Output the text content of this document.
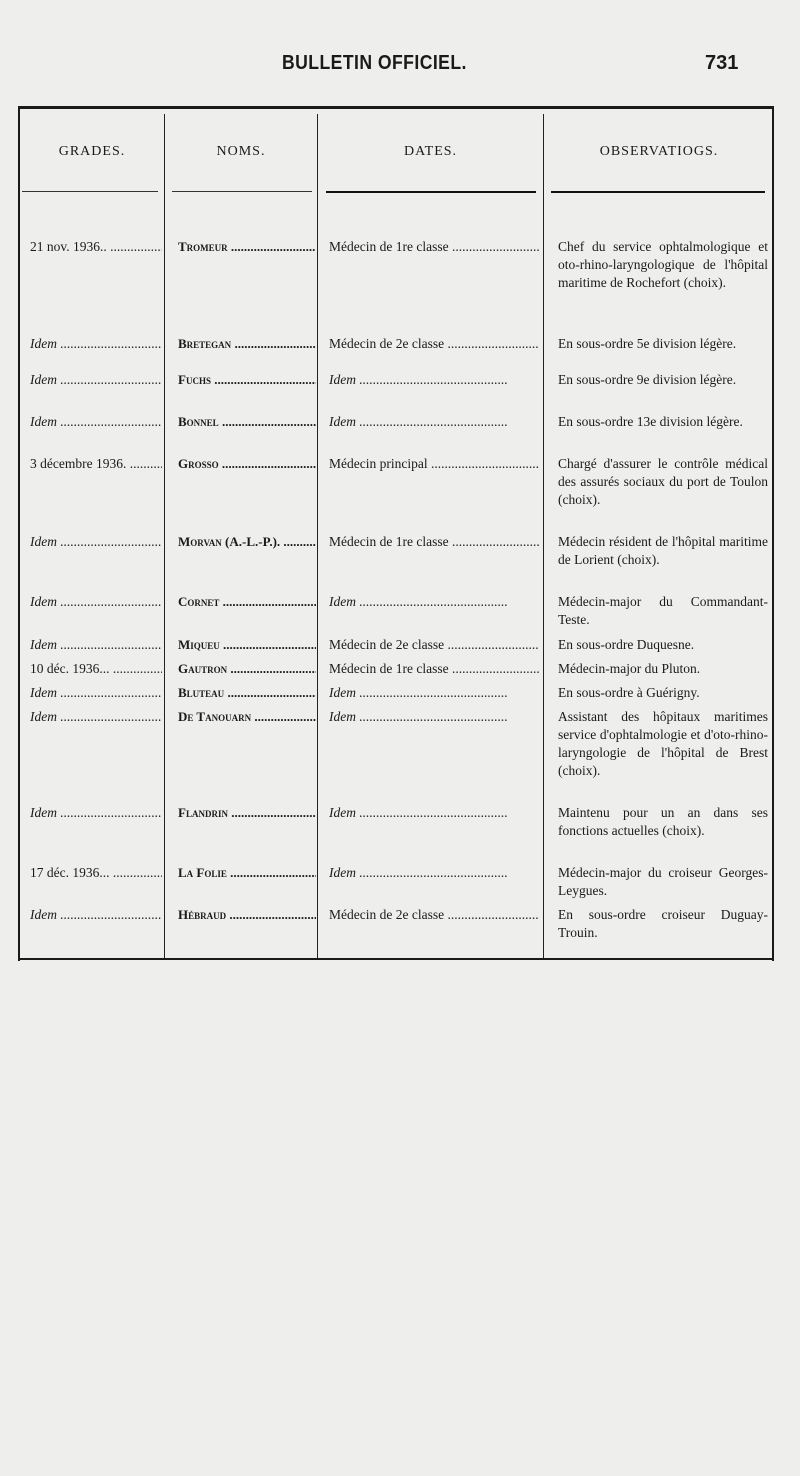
BULLETIN OFFICIEL.	731
GRADES.	NOMS.	DATES.	OBSERVATIOGS.
21 nov. 1936.. .....	Tromeur .....	Médecin de 1re classe .....	Chef du service ophtalmologique et oto-rhino-laryngologique de l'hôpital maritime de Rochefort (choix).
Idem .....	Bretegan .....	Médecin de 2e classe .....	En sous-ordre 5e division légère.
Idem .....	Fuchs .....	Idem .....	En sous-ordre 9e division légère.
Idem .....	Bonnel .....	Idem .....	En sous-ordre 13e division légère.
3 décembre 1936. .....	Grosso .....	Médecin principal .....	Chargé d'assurer le contrôle médical des assurés sociaux du port de Toulon (choix).
Idem .....	Morvan (A.-L.-P.). .....	Médecin de 1re classe .....	Médecin résident de l'hôpital maritime de Lorient (choix).
Idem .....	Cornet .....	Idem .....	Médecin-major du Commandant-Teste.
Idem .....	Miqueu .....	Médecin de 2e classe .....	En sous-ordre Duquesne.
10 déc. 1936... .....	Gautron .....	Médecin de 1re classe .....	Médecin-major du Pluton.
Idem .....	Bluteau .....	Idem .....	En sous-ordre à Guérigny.
Idem .....	De Tanouarn .....	Idem .....	Assistant des hôpitaux maritimes service d'ophtalmologie et d'oto-rhino-laryngologie de l'hôpital de Brest (choix).
Idem .....	Flandrin .....	Idem .....	Maintenu pour un an dans ses fonctions actuelles (choix).
17 déc. 1936... .....	La Folie .....	Idem .....	Médecin-major du croiseur Georges-Leygues.
Idem .....	Hébraud .....	Médecin de 2e classe .....	En sous-ordre croiseur Duguay-Trouin.
